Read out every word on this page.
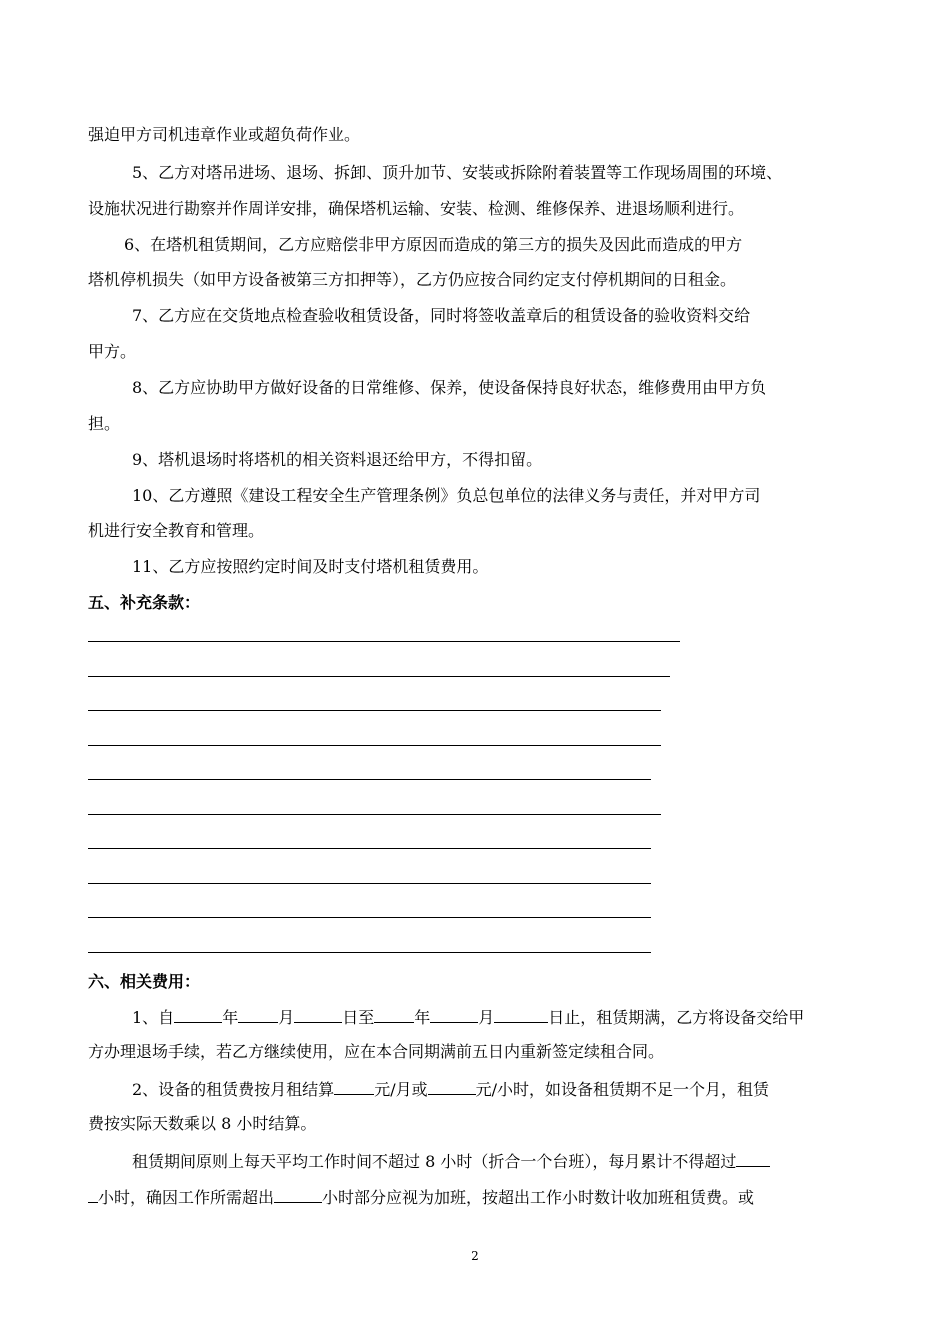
强迫甲方司机违章作业或超负荷作业。
5、乙方对塔吊进场、退场、拆卸、顶升加节、安装或拆除附着装置等工作现场周围的环境、
设施状况进行勘察并作周详安排，确保塔机运输、安装、检测、维修保养、进退场顺利进行。
6、在塔机租赁期间，乙方应赔偿非甲方原因而造成的第三方的损失及因此而造成的甲方
塔机停机损失（如甲方设备被第三方扣押等），乙方仍应按合同约定支付停机期间的日租金。
7、乙方应在交货地点检查验收租赁设备，同时将签收盖章后的租赁设备的验收资料交给
甲方。
8、乙方应协助甲方做好设备的日常维修、保养，使设备保持良好状态，维修费用由甲方负
担。
9、塔机退场时将塔机的相关资料退还给甲方，不得扣留。
10、乙方遵照《建设工程安全生产管理条例》负总包单位的法律义务与责任，并对甲方司
机进行安全教育和管理。
11、乙方应按照约定时间及时支付塔机租赁费用。
五、补充条款：
六、相关费用：
1、自	年	月	日至	年	月	日止，租赁期满，乙方将设备交给甲
方办理退场手续，若乙方继续使用，应在本合同期满前五日内重新签定续租合同。
2、设备的租赁费按月租结算	元/月或	元/小时，如设备租赁期不足一个月，租赁
费按实际天数乘以 8 小时结算。
租赁期间原则上每天平均工作时间不超过 8 小时（折合一个台班），每月累计不得超过
小时，确因工作所需超出	小时部分应视为加班，按超出工作小时数计收加班租赁费。或
2
